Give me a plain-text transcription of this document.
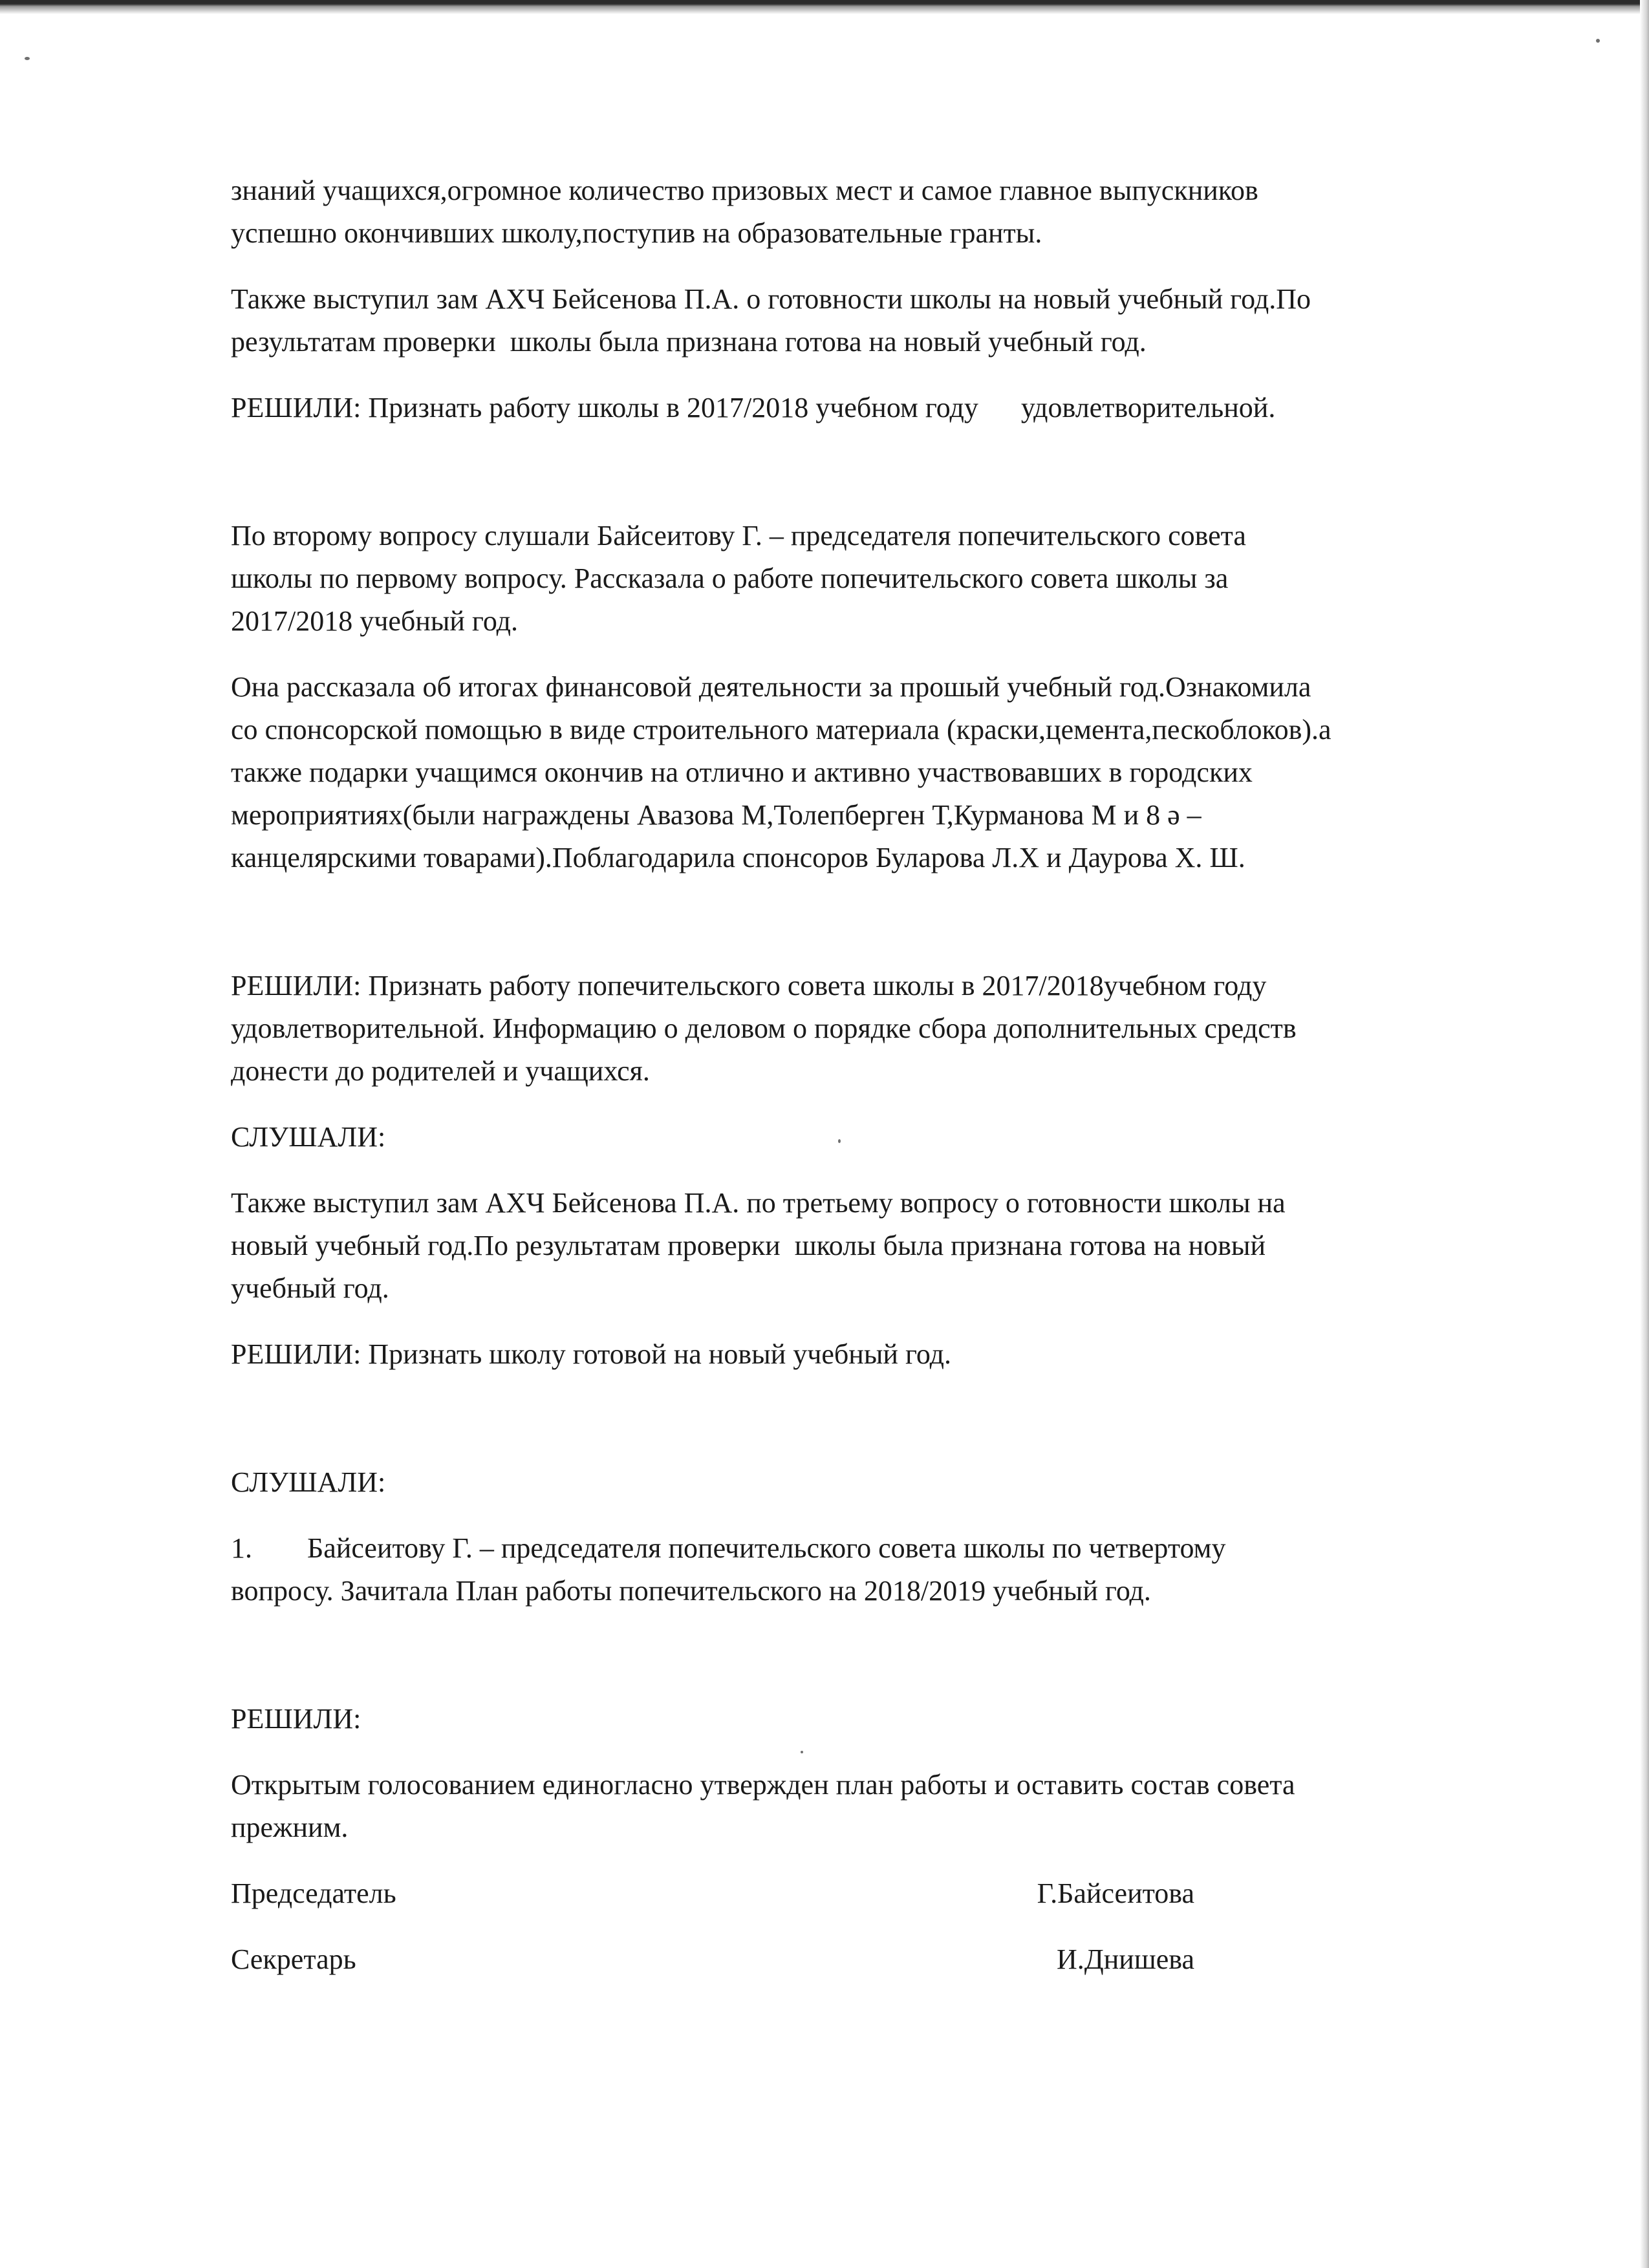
знаний учащихся,огромное количество призовых мест и самое главное выпускников
успешно окончивших школу,поступив на образовательные гранты.

Также выступил зам АХЧ Бейсенова П.А. о готовности школы на новый учебный год.По
результатам проверки  школы была признана готова на новый учебный год.

РЕШИЛИ: Признать работу школы в 2017/2018 учебном году      удовлетворительной.

По второму вопросу слушали Байсеитову Г. – председателя попечительского совета
школы по первому вопросу. Рассказала о работе попечительского совета школы за
2017/2018 учебный год.

Она рассказала об итогах финансовой деятельности за прошый учебный год.Ознакомила
со спонсорской помощью в виде строительного материала (краски,цемента,пескоблоков).а
также подарки учащимся окончив на отлично и активно участвовавших в городских
мероприятиях(были награждены Авазова М,Толепберген Т,Курманова М и 8 ә –
канцелярскими товарами).Поблагодарила спонсоров Буларова Л.Х и Даурова Х. Ш.

РЕШИЛИ: Признать работу попечительского совета школы в 2017/2018учебном году
удовлетворительной. Информацию о деловом о порядке сбора дополнительных средств
донести до родителей и учащихся.

СЛУШАЛИ:

Также выступил зам АХЧ Бейсенова П.А. по третьему вопросу о готовности школы на
новый учебный год.По результатам проверки  школы была признана готова на новый
учебный год.

РЕШИЛИ: Признать школу готовой на новый учебный год.

СЛУШАЛИ:

1. Байсеитову Г. – председателя попечительского совета школы по четвертому
вопросу. Зачитала План работы попечительского на 2018/2019 учебный год.

РЕШИЛИ:

Открытым голосованием единогласно утвержден план работы и оставить состав совета
прежним.

Председатель	Г.Байсеитова
Секретарь	И.Днишева
